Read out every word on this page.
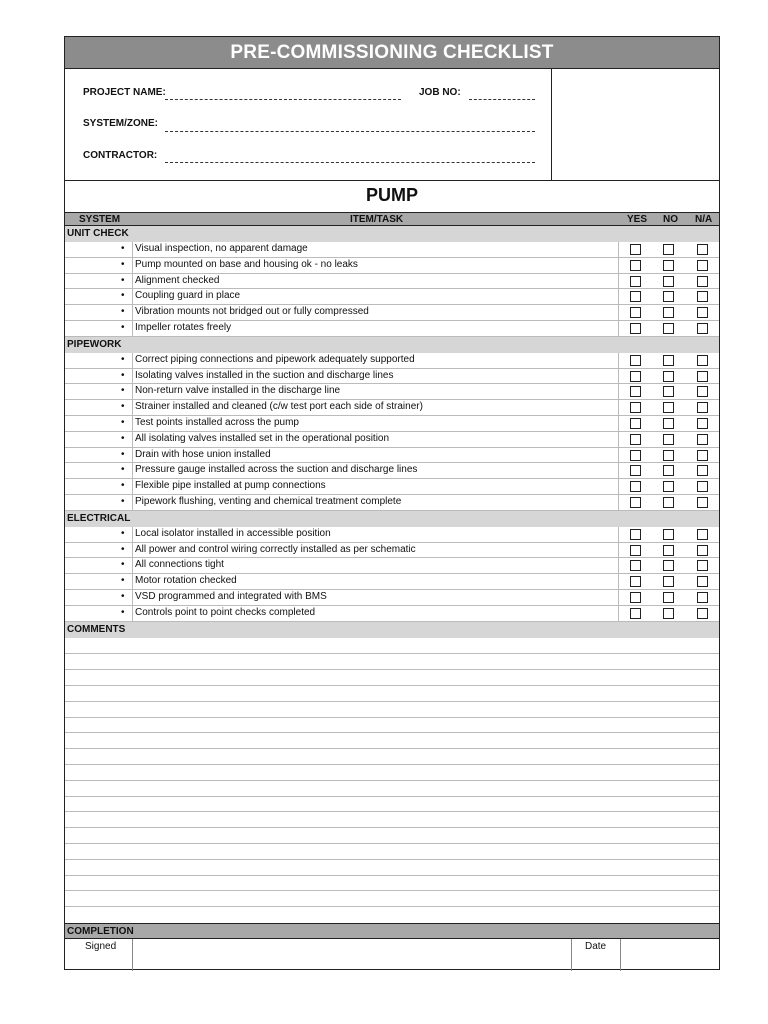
PRE-COMMISSIONING CHECKLIST
PROJECT NAME:	JOB NO:
SYSTEM/ZONE:
CONTRACTOR:
PUMP
SYSTEM	ITEM/TASK	YES NO N/A
UNIT CHECK
• Visual inspection, no apparent damage
• Pump mounted on base and housing ok - no leaks
• Alignment checked
• Coupling guard in place
• Vibration mounts not bridged out or fully compressed
• Impeller rotates freely
PIPEWORK
• Correct piping connections and pipework adequately supported
• Isolating valves installed in the suction and discharge lines
• Non-return valve installed in the discharge line
• Strainer installed and cleaned (c/w test port each side of strainer)
• Test points installed across the pump
• All isolating valves installed set in the operational position
• Drain with hose union installed
• Pressure gauge installed across the suction and discharge lines
• Flexible pipe installed at pump connections
• Pipework flushing, venting and chemical treatment complete
ELECTRICAL
• Local isolator installed in accessible position
• All power and control wiring correctly installed as per schematic
• All connections tight
• Motor rotation checked
• VSD programmed and integrated with BMS
• Controls point to point checks completed
COMMENTS
COMPLETION
Signed	Date
